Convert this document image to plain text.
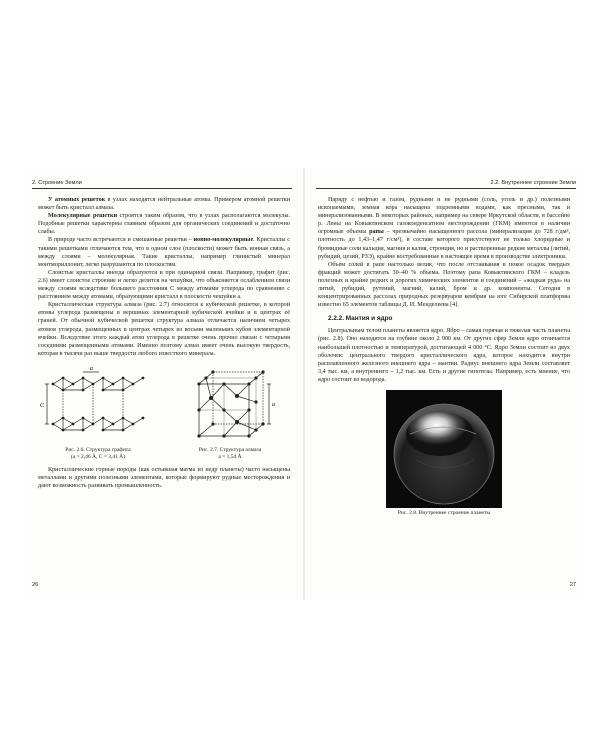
2. Строение Земли

У атомных решеток в узлах находятся нейтральные атомы. Примером атомной решетки может быть кристалл алмаза.

Молекулярные решетки строятся таким образом, что в узлах располагаются молекулы. Подобные решетки характерны главным образом для органических соединений и достаточно слабы.

В природе часто встречаются и смешанные решетки – ионно-молекулярные. Кристаллы с такими решетками отличаются тем, что в одном слое (плоскости) может быть ионная связь, а между слоями – молекулярная. Такие кристаллы, например глинистый минерал монтмориллонит, легко разрушаются по плоскостям.

Слоистые кристаллы иногда образуются и при одинарной связи. Например, графит (рис. 2.6) имеет слоистое строение и легко делится на чешуйки, что объясняется ослаблением связи между слоями вследствие большего расстояния C между атомами углерода по сравнению с расстоянием между атомами, образующими кристалл в плоскости чешуйки a.

Кристаллическая структура алмаза (рис. 2.7) относится к кубической решетке, в которой атомы углерода размещены в вершинах элементарной кубической ячейки и в центрах её граней. От обычной кубической решетки структура алмаза отличается наличием четырех атомов углерода, размещенных в центрах четырех из восьми маленьких кубов элементарной ячейки. Вследствие этого каждый атом углерода в решетке очень прочно связан с четырьмя соседними размещенными атомами. Именно поэтому алмаз имеет очень высокую твердость, которая в тысячи раз выше твердости любого известного минерала.

a
C
Рис. 2.6. Структура графита
(a = 2,46 Å, C = 3,41 Å)
a
Рис. 2.7. Структура алмаза
a = 1,54 Å

Кристаллические горные породы (как остывшая магма из недр планеты) часто насыщены металлами и другими полезными элементами, которые формируют рудные месторождения и дают возможность развивать промышленность.

26
2.2. Внутреннее строение Земли

Наряду с нефтью и газом, рудными и не рудными (соль, уголь и др.) полезными ископаемыми, земная кора насыщена подземными водами, как пресными, так и минерализованными. В некоторых районах, например на севере Иркутской области, в бассейне р. Лены на Ковыктинском газоконденсатном месторождении (ГКМ) имеются в наличии огромные объемы рапы – чрезвычайно насыщенного рассола (минерализация до 728 г/дм³, плотность до 1,43–1,47 г/см³), в составе которого присутствуют не только хлоридные и бромидные соли кальция, магния и калия, стронция, но и растворенные редкие металлы (литий, рубидий, цезий, РЗЭ), крайне востребованные в настоящее время в производстве электроники.

Объем солей в рапе настолько велик, что после отстаивания в покое осадок твердых фракций может достигать 30–40 % объема. Поэтому рапа Ковыктинского ГКМ – кладезь полезных и крайне редких и дорогих химических элементов и соединений – «жидкая руда» на литий, рубидий, рутений, магний, калий, бром и др. компоненты. Сегодня в концентрированных рассолах природных резервуаров кембрия на юге Сибирской платформы известно 65 элементов таблицы Д. И. Менделеева [4].

2.2.2. Мантия и ядро

Центральным телом планеты является ядро. Ядро – самая горячая и тяжелая часть планеты (рис. 2.8). Оно находится на глубине около 2 900 км. От других сфер Земли ядро отличается наибольшей плотностью и температурой, достигающей 4 000 °С. Ядро Земли состоит из двух оболочек: центрального твердого кристаллического ядра, которое находится внутри расплавленного железного внешнего ядра – мантии. Радиус внешнего ядра Земли составляет 3,4 тыс. км, а внутреннего – 1,2 тыс. км. Есть и другие гипотезы. Например, есть мнение, что ядро состоит из водорода.

Рис. 2.8. Внутреннее строение планеты
27
